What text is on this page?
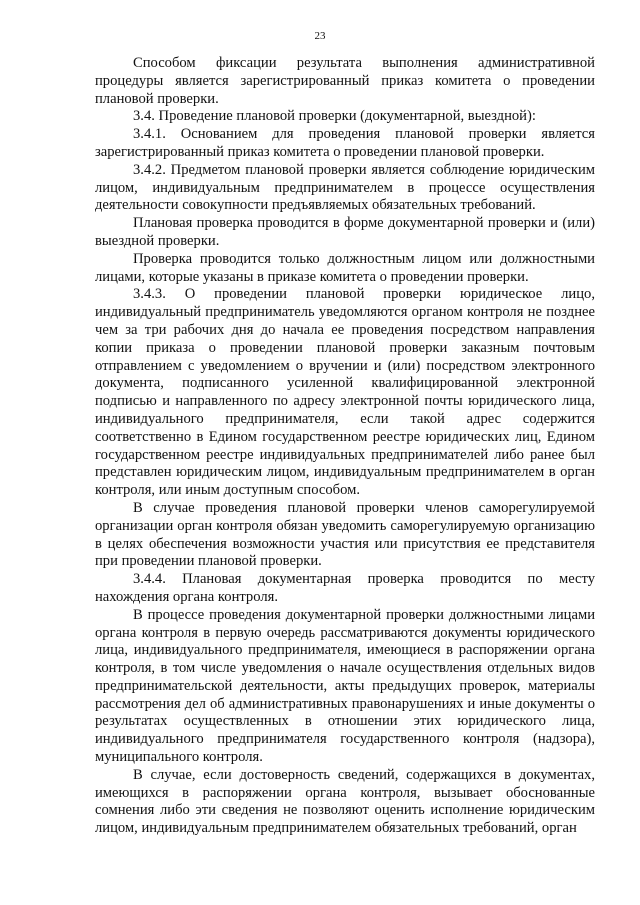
23

Способом фиксации результата выполнения административной процедуры является зарегистрированный приказ комитета о проведении плановой проверки.

3.4. Проведение плановой проверки (документарной, выездной):

3.4.1. Основанием для проведения плановой проверки является зарегистрированный приказ комитета о проведении плановой проверки.

3.4.2. Предметом плановой проверки является соблюдение юридическим лицом, индивидуальным предпринимателем в процессе осуществления деятельности совокупности предъявляемых обязательных требований.

Плановая проверка проводится в форме документарной проверки и (или) выездной проверки.

Проверка проводится только должностным лицом или должностными лицами, которые указаны в приказе комитета о проведении проверки.

3.4.3. О проведении плановой проверки юридическое лицо, индивидуальный предприниматель уведомляются органом контроля не позднее чем за три рабочих дня до начала ее проведения посредством направления копии приказа о проведении плановой проверки заказным почтовым отправлением с уведомлением о вручении и (или) посредством электронного документа, подписанного усиленной квалифицированной электронной подписью и направленного по адресу электронной почты юридического лица, индивидуального предпринимателя, если такой адрес содержится соответственно в Едином государственном реестре юридических лиц, Едином государственном реестре индивидуальных предпринимателей либо ранее был представлен юридическим лицом, индивидуальным предпринимателем в орган контроля, или иным доступным способом.

В случае проведения плановой проверки членов саморегулируемой организации орган контроля обязан уведомить саморегулируемую организацию в целях обеспечения возможности участия или присутствия ее представителя при проведении плановой проверки.

3.4.4. Плановая документарная проверка проводится по месту нахождения органа контроля.

В процессе проведения документарной проверки должностными лицами органа контроля в первую очередь рассматриваются документы юридического лица, индивидуального предпринимателя, имеющиеся в распоряжении органа контроля, в том числе уведомления о начале осуществления отдельных видов предпринимательской деятельности, акты предыдущих проверок, материалы рассмотрения дел об административных правонарушениях и иные документы о результатах осуществленных в отношении этих юридического лица, индивидуального предпринимателя государственного контроля (надзора), муниципального контроля.

В случае, если достоверность сведений, содержащихся в документах, имеющихся в распоряжении органа контроля, вызывает обоснованные сомнения либо эти сведения не позволяют оценить исполнение юридическим лицом, индивидуальным предпринимателем обязательных требований, орган
